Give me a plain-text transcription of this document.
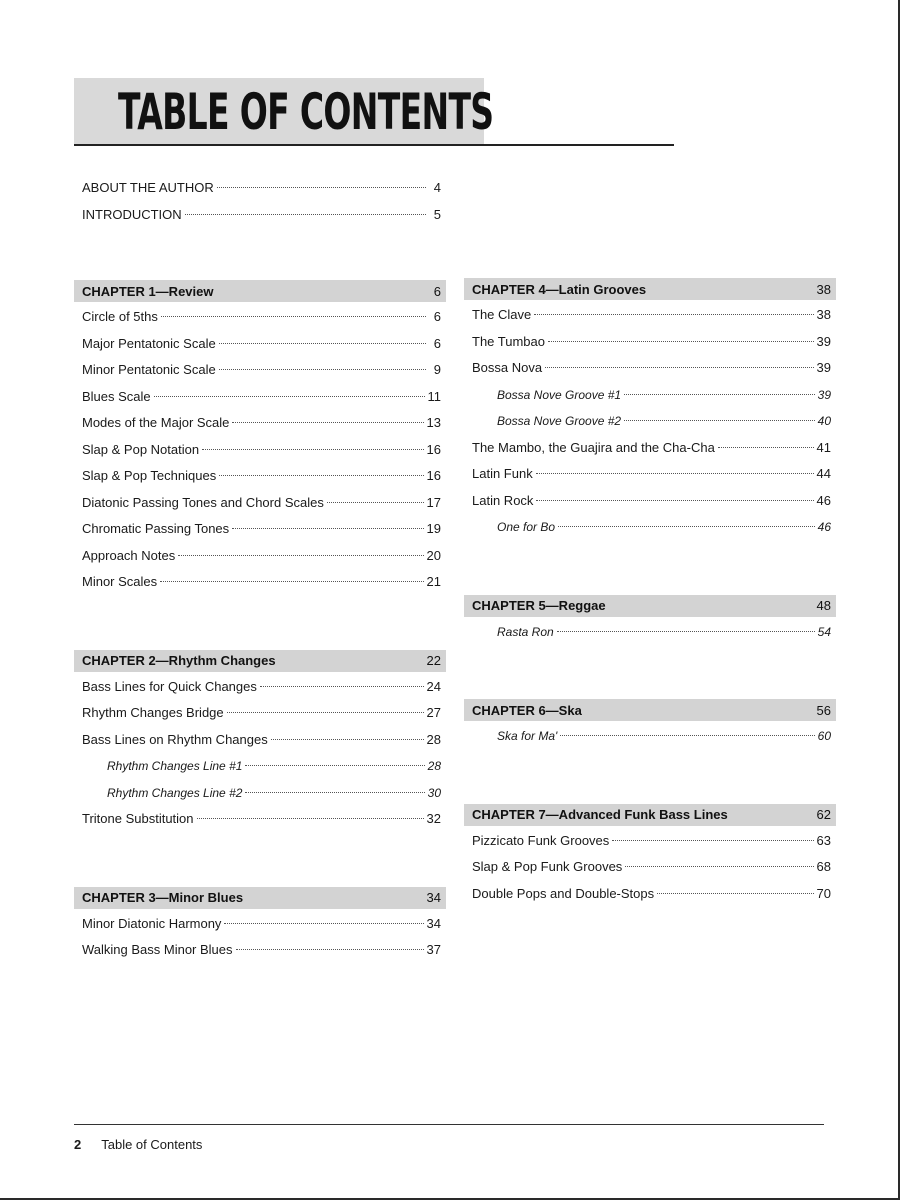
TABLE OF CONTENTS
ABOUT THE AUTHOR	4
INTRODUCTION	5
CHAPTER 1—Review	6
Circle of 5ths	6
Major Pentatonic Scale	6
Minor Pentatonic Scale	9
Blues Scale	11
Modes of the Major Scale	13
Slap & Pop Notation	16
Slap & Pop Techniques	16
Diatonic Passing Tones and Chord Scales	17
Chromatic Passing Tones	19
Approach Notes	20
Minor Scales	21
CHAPTER 2—Rhythm Changes	22
Bass Lines for Quick Changes	24
Rhythm Changes Bridge	27
Bass Lines on Rhythm Changes	28
Rhythm Changes Line #1	28
Rhythm Changes Line #2	30
Tritone Substitution	32
CHAPTER 3—Minor Blues	34
Minor Diatonic Harmony	34
Walking Bass Minor Blues	37
CHAPTER 4—Latin Grooves	38
The Clave	38
The Tumbao	39
Bossa Nova	39
Bossa Nove Groove #1	39
Bossa Nove Groove #2	40
The Mambo, the Guajira and the Cha-Cha	41
Latin Funk	44
Latin Rock	46
One for Bo	46
CHAPTER 5—Reggae	48
Rasta Ron	54
CHAPTER 6—Ska	56
Ska for Ma'	60
CHAPTER 7—Advanced Funk Bass Lines	62
Pizzicato Funk Grooves	63
Slap & Pop Funk Grooves	68
Double Pops and Double-Stops	70
2 Table of Contents
